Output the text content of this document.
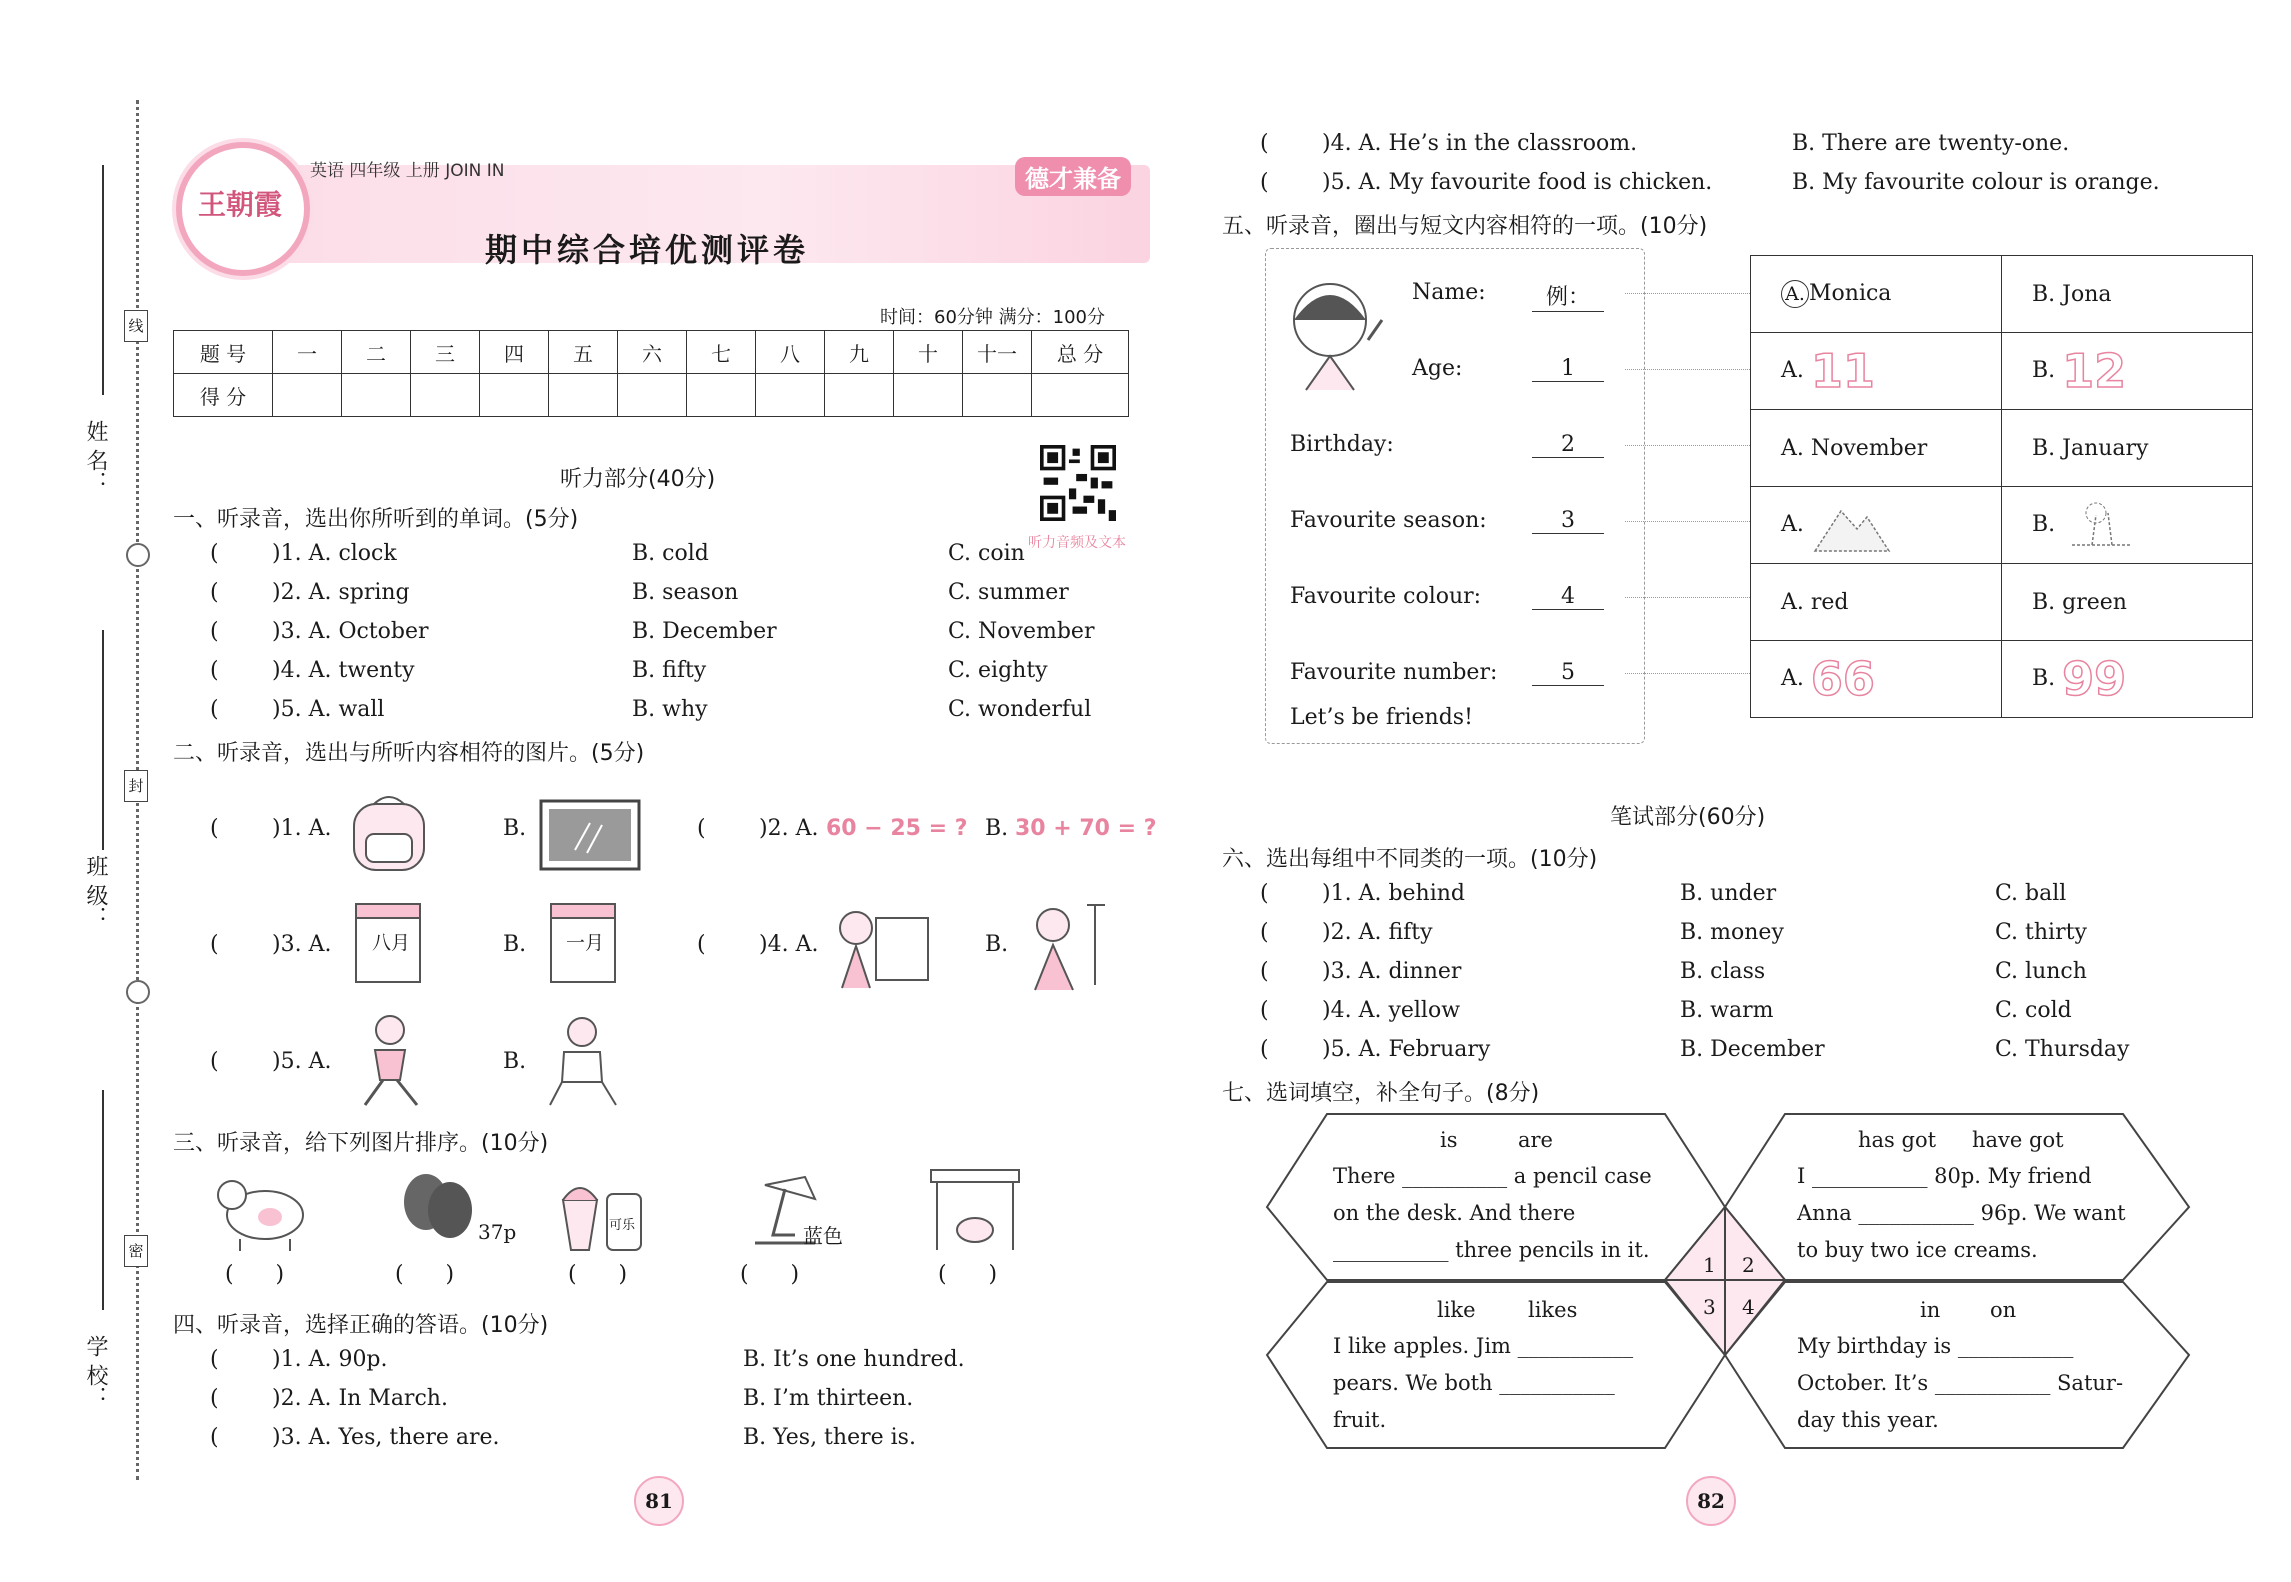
姓 名：
班 级：
学 校：
线
封
密
王朝霞
英语 四年级 上册 JOIN IN	德才兼备
期中综合培优测评卷
时间：60分钟 满分：100分
题 号	一	二	三	四	五	六	七	八	九	十	十一	总 分
得 分												
听力部分(40分)
听力音频及文本
一、听录音，选出你所听到的单词。(5分)
( )1. A. clock	B. cold	C. coin
( )2. A. spring	B. season	C. summer
( )3. A. October	B. December	C. November
( )4. A. twenty	B. fifty	C. eighty
( )5. A. wall	B. why	C. wonderful
二、听录音，选出与所听内容相符的图片。(5分)
( )1. A.	B.	( )2. A. 60 − 25 = ? B. 30 + 70 = ?
( )3. A. 八月	B. 一月	( )4. A.	B.
( )5. A.	B.
三、听录音，给下列图片排序。(10分)
37p	可乐	蓝色
(      )	(      )	(      )	(      )	(      )
四、听录音，选择正确的答语。(10分)
( )1. A. 90p.	B. It’s one hundred.
( )2. A. In March.	B. I’m thirteen.
( )3. A. Yes, there are.	B. Yes, there is.
81
( )4. A. He’s in the classroom.	B. There are twenty-one.
( )5. A. My favourite food is chicken.	B. My favourite colour is orange.
五、听录音，圈出与短文内容相符的一项。(10分)
Name:	例：
Age:	1
Birthday:	2
Favourite season:	3
Favourite colour:	4
Favourite number:	5
Let’s be friends!
A. Monica	B. Jona
A. 11	B. 12
A. November	B. January
A.	B.
A. red	B. green
A. 66	B. 99
笔试部分(60分)
六、选出每组中不同类的一项。(10分)
( )1. A. behind	B. under	C. ball
( )2. A. fifty	B. money	C. thirty
( )3. A. dinner	B. class	C. lunch
( )4. A. yellow	B. warm	C. cold
( )5. A. February	B. December	C. Thursday
七、选词填空，补全句子。(8分)
1 2
3 4
is	are
There __________ a pencil case
on the desk. And there
___________ three pencils in it.
has got have got
I ___________ 80p. My friend
Anna ___________ 96p. We want
to buy two ice creams.
like likes
I like apples. Jim ___________
pears. We both ___________
fruit.
in on
My birthday is ___________
October. It’s ___________ Satur-
day this year.
82
